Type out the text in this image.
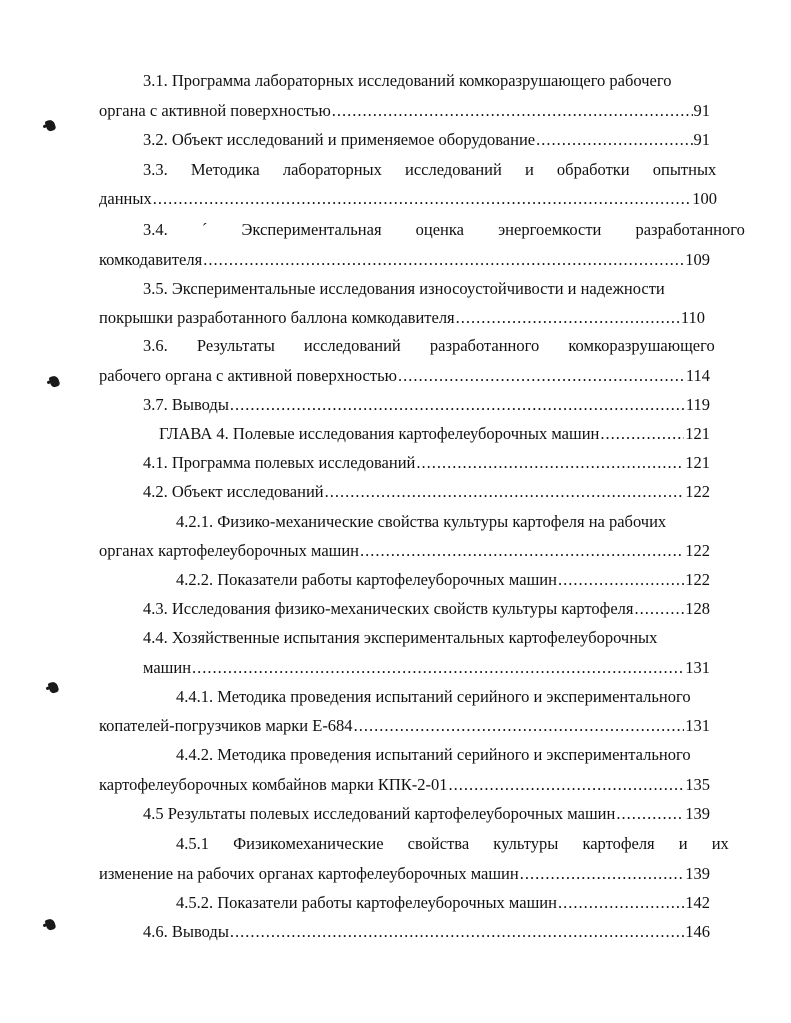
3.1. Программа лабораторных исследований комкоразрушающего рабочего
органа с активной поверхностью .....	91
3.2. Объект исследований и применяемое оборудование .....	91
3.3. Методика лабораторных исследований и обработки опытных
данных .....	100
3.4. ´ Экспериментальная оценка энергоемкости разработанного
комкодавителя .....	109
3.5. Экспериментальные исследования износоустойчивости и надежности
покрышки разработанного баллона комкодавителя .....	110
3.6. Результаты исследований разработанного комкоразрушающего
рабочего органа с активной поверхностью .....	114
3.7. Выводы .....	119
ГЛАВА 4. Полевые исследования картофелеуборочных машин .....	121
4.1. Программа полевых исследований .....	121
4.2. Объект исследований .....	122
4.2.1. Физико-механические свойства культуры картофеля на рабочих
органах картофелеуборочных машин .....	122
4.2.2. Показатели работы картофелеуборочных машин .....	122
4.3. Исследования физико-механических свойств культуры картофеля .....	128
4.4. Хозяйственные испытания экспериментальных картофелеуборочных
машин .....	131
4.4.1. Методика проведения испытаний серийного и экспериментального
копателей-погрузчиков марки Е-684 .....	131
4.4.2. Методика проведения испытаний серийного и экспериментального
картофелеуборочных комбайнов марки КПК-2-01 .....	135
4.5 Результаты полевых исследований картофелеуборочных машин .....	139
4.5.1 Физикомеханические свойства культуры картофеля и их
изменение на рабочих органах картофелеуборочных машин .....	139
4.5.2. Показатели работы картофелеуборочных машин .....	142
4.6. Выводы .....	146
